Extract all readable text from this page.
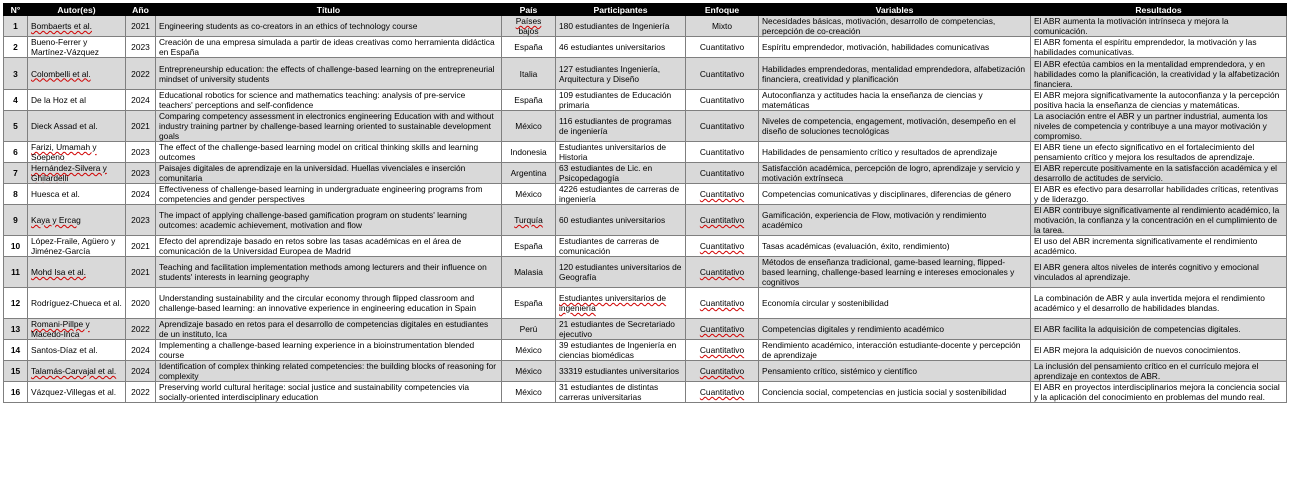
N°	Autor(es)	Año	Título	País	Participantes	Enfoque	Variables	Resultados
1	Bombaerts et al.	2021	Engineering students as co-creators in an ethics of technology course	Países bajos	180 estudiantes de Ingeniería	Mixto	Necesidades básicas, motivación, desarrollo de competencias, percepción de co-creación	El ABR aumenta la motivación intrínseca y mejora la comunicación.
2	Bueno-Ferrer y Martínez-Vázquez	2023	Creación de una empresa simulada a partir de ideas creativas como herramienta didáctica en España	España	46 estudiantes universitarios	Cuantitativo	Espíritu emprendedor, motivación, habilidades comunicativas	El ABR fomenta el espíritu emprendedor, la motivación y las habilidades comunicativas.
3	Colombelli et al.	2022	Entrepreneurship education: the effects of challenge-based learning on the entrepreneurial mindset of university students	Italia	127 estudiantes Ingeniería, Arquitectura y Diseño	Cuantitativo	Habilidades emprendedoras, mentalidad emprendedora, alfabetización financiera, creatividad y planificación	El ABR efectúa cambios en la mentalidad emprendedora, y en habilidades como la planificación, la creatividad y la alfabetización financiera.
4	De la Hoz et al	2024	Educational robotics for science and mathematics teaching: analysis of pre-service teachers' perceptions and self-confidence	España	109 estudiantes de Educación primaria	Cuantitativo	Autoconfianza y actitudes hacia la enseñanza de ciencias y matemáticas	El ABR mejora significativamente la autoconfianza y la percepción positiva hacia la enseñanza de ciencias y matemáticas.
5	Dieck Assad et al.	2021	Comparing competency assessment in electronics engineering Education with and without industry training partner by challenge-based learning oriented to sustainable development goals	México	116 estudiantes de programas de ingeniería	Cuantitativo	Niveles de competencia, engagement, motivación, desempeño en el diseño de soluciones tecnológicas	La asociación entre el ABR y un partner industrial, aumenta los niveles de competencia y contribuye a una mayor motivación y compromiso.
6	Farizi, Umamah y Soepeno	2023	The effect of the challenge-based learning model on critical thinking skills and learning outcomes	Indonesia	Estudiantes universitarios de Historia	Cuantitativo	Habilidades de pensamiento crítico y resultados de aprendizaje	El ABR tiene un efecto significativo en el fortalecimiento del pensamiento crítico y mejora los resultados de aprendizaje.
7	Hernández-Silvera y Ghilardelli	2023	Paisajes digitales de aprendizaje en la universidad. Huellas vivenciales e inserción comunitaria	Argentina	63 estudiantes de Lic. en Psicopedagogía	Cuantitativo	Satisfacción académica, percepción de logro, aprendizaje y servicio y motivación extrínseca	El ABR repercute positivamente en la satisfacción académica y el desarrollo de actitudes de servicio.
8	Huesca et al.	2024	Effectiveness of challenge-based learning in undergraduate engineering programs from competencies and gender perspectives	México	4226 estudiantes de carreras de ingeniería	Cuantitativo	Competencias comunicativas y disciplinares, diferencias de género	El ABR es efectivo para desarrollar habilidades críticas, retentivas y de liderazgo.
9	Kaya y Ercag	2023	The impact of applying challenge-based gamification program on students' learning outcomes: academic achievement, motivation and flow	Turquía	60 estudiantes universitarios	Cuantitativo	Gamificación, experiencia de Flow, motivación y rendimiento académico	El ABR contribuye significativamente al rendimiento académico, la motivación, la confianza y la concentración en el cumplimiento de la tarea.
10	López-Fraile, Agüero y Jiménez-García	2021	Efecto del aprendizaje basado en retos sobre las tasas académicas en el área de comunicación de la Universidad Europea de Madrid	España	Estudiantes de carreras de comunicación	Cuantitativo	Tasas académicas (evaluación, éxito, rendimiento)	El uso del ABR incrementa significativamente el rendimiento académico.
11	Mohd Isa et al.	2021	Teaching and facilitation implementation methods among lecturers and their influence on students' interests in learning geography	Malasia	120 estudiantes universitarios de Geografía	Cuantitativo	Métodos de enseñanza tradicional, game-based learning, flipped-based learning, challenge-based learning e intereses emocionales y cognitivos	El ABR genera altos niveles de interés cognitivo y emocional vinculados al aprendizaje.
12	Rodríguez-Chueca et al.	2020	Understanding sustainability and the circular economy through flipped classroom and challenge-based learning: an innovative experience in engineering education in Spain	España	Estudiantes universitarios de ingeniería	Cuantitativo	Economía circular y sostenibilidad	La combinación de ABR y aula invertida mejora el rendimiento académico y el desarrollo de habilidades blandas.
13	Romani-Pillpe y Macedo-Inca	2022	Aprendizaje basado en retos para el desarrollo de competencias digitales en estudiantes de un instituto, Ica	Perú	21 estudiantes de Secretariado ejecutivo	Cuantitativo	Competencias digitales y rendimiento académico	El ABR facilita la adquisición de competencias digitales.
14	Santos-Díaz et al.	2024	Implementing a challenge-based learning experience in a bioinstrumentation blended course	México	39 estudiantes de Ingeniería en ciencias biomédicas	Cuantitativo	Rendimiento académico, interacción estudiante-docente y percepción de aprendizaje	El ABR mejora la adquisición de nuevos conocimientos.
15	Talamás-Carvajal et al.	2024	Identification of complex thinking related competencies: the building blocks of reasoning for complexity	México	33319 estudiantes universitarios	Cuantitativo	Pensamiento crítico, sistémico y científico	La inclusión del pensamiento crítico en el currículo mejora el aprendizaje en contextos de ABR.
16	Vázquez-Villegas et al.	2022	Preserving world cultural heritage: social justice and sustainability competencies via socially-oriented interdisciplinary education	México	31 estudiantes de distintas carreras universitarias	Cuantitativo	Conciencia social, competencias en justicia social y sostenibilidad	El ABR en proyectos interdisciplinarios mejora la conciencia social y la aplicación del conocimiento en problemas del mundo real.
